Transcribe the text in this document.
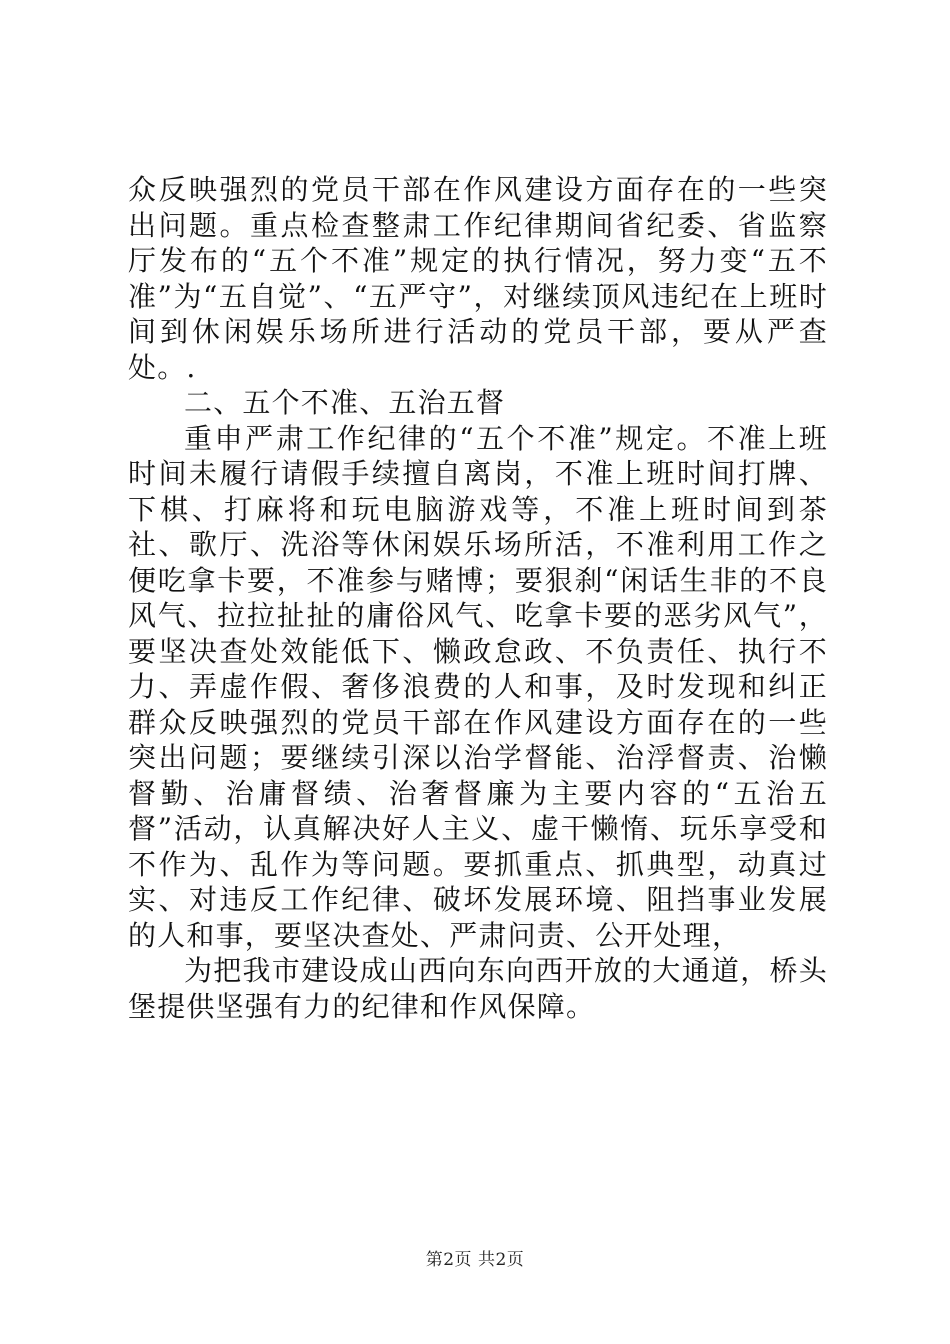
众反映强烈的党员干部在作风建设方面存在的一些突出问题。重点检查整肃工作纪律期间省纪委、省监察厅发布的“五个不准”规定的执行情况，努力变“五不准”为“五自觉”、“五严守”，对继续顶风违纪在上班时间到休闲娱乐场所进行活动的党员干部，要从严查处。.

二、五个不准、五治五督

重申严肃工作纪律的“五个不准”规定。不准上班时间未履行请假手续擅自离岗，不准上班时间打牌、下棋、打麻将和玩电脑游戏等，不准上班时间到茶社、歌厅、洗浴等休闲娱乐场所活，不准利用工作之便吃拿卡要，不准参与赌博；要狠刹“闲话生非的不良风气、拉拉扯扯的庸俗风气、吃拿卡要的恶劣风气”，要坚决查处效能低下、懒政怠政、不负责任、执行不力、弄虚作假、奢侈浪费的人和事，及时发现和纠正群众反映强烈的党员干部在作风建设方面存在的一些突出问题；要继续引深以治学督能、治浮督责、治懒督勤、治庸督绩、治奢督廉为主要内容的“五治五督”活动，认真解决好人主义、虚干懒惰、玩乐享受和不作为、乱作为等问题。要抓重点、抓典型，动真过实、对违反工作纪律、破坏发展环境、阻挡事业发展的人和事，要坚决查处、严肃问责、公开处理，

为把我市建设成山西向东向西开放的大通道，桥头堡提供坚强有力的纪律和作风保障。

第2页 共2页
